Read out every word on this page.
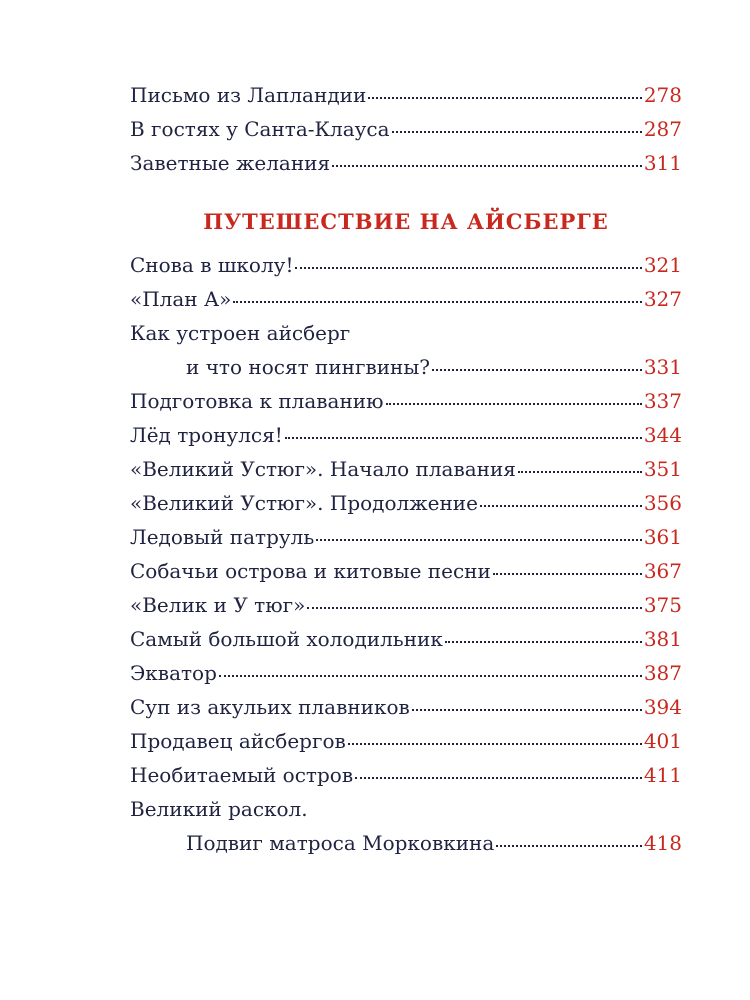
Письмо из Лапландии	278
В гостях у Санта-Клауса	287
Заветные желания	311
ПУТЕШЕСТВИЕ НА АЙСБЕРГЕ
Снова в школу!	321
«План А»	327
Как устроен айсберг
и что носят пингвины?	331
Подготовка к плаванию	337
Лёд тронулся!	344
«Великий Устюг». Начало плавания	351
«Великий Устюг». Продолжение	356
Ледовый патруль	361
Собачьи острова и китовые песни	367
«Велик и У тюг»	375
Самый большой холодильник	381
Экватор	387
Суп из акульих плавников	394
Продавец айсбергов	401
Необитаемый остров	411
Великий раскол.
Подвиг матроса Морковкина	418
